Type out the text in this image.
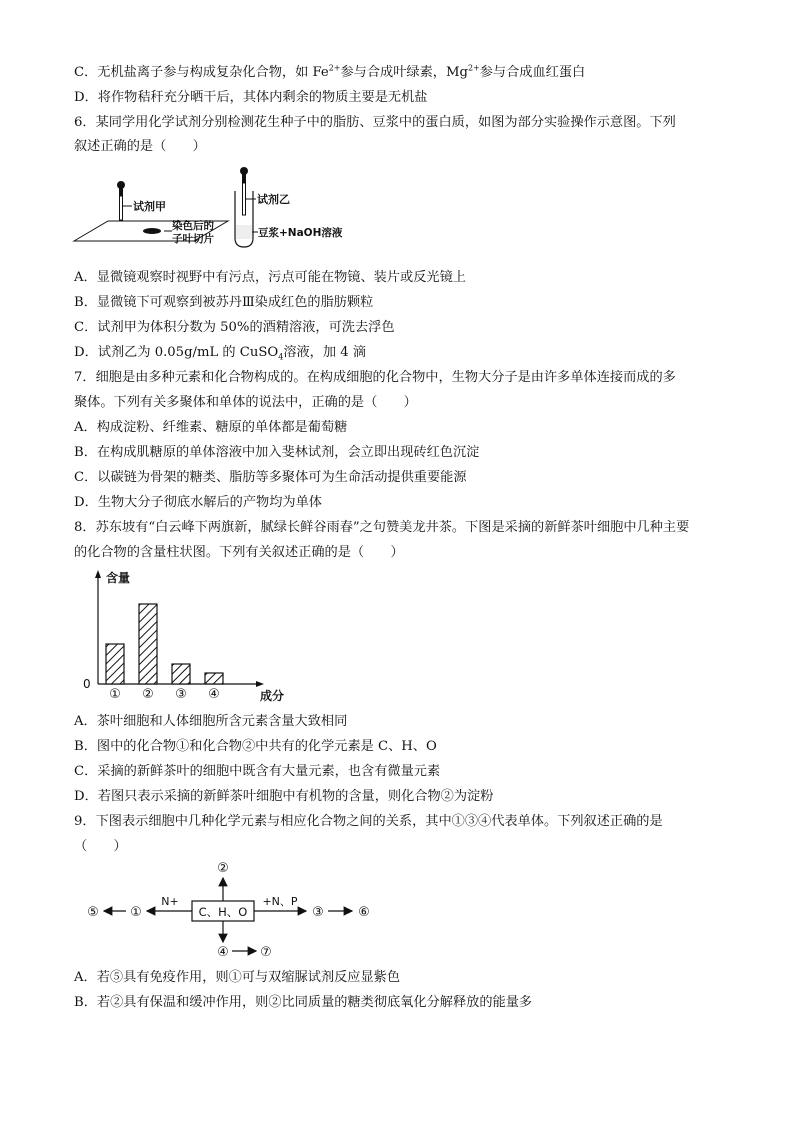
C．无机盐离子参与构成复杂化合物，如 $Fe^{2+}$参与合成叶绿素，$Mg^{2+}$参与合成血红蛋白
D．将作物秸秆充分晒干后，其体内剩余的物质主要是无机盐
6．某同学用化学试剂分别检测花生种子中的脂肪、豆浆中的蛋白质，如图为部分实验操作示意图。下列
叙述正确的是（　　）
试剂甲
染色后的
子叶切片
试剂乙
豆浆+NaOH溶液
A．显微镜观察时视野中有污点，污点可能在物镜、装片或反光镜上
B．显微镜下可观察到被苏丹Ⅲ染成红色的脂肪颗粒
C．试剂甲为体积分数为 50%的酒精溶液，可洗去浮色
D．试剂乙为 0.05g/mL 的 CuSO$_4$溶液，加 4 滴
7．细胞是由多种元素和化合物构成的。在构成细胞的化合物中，生物大分子是由许多单体连接而成的多
聚体。下列有关多聚体和单体的说法中，正确的是（　　）
A．构成淀粉、纤维素、糖原的单体都是葡萄糖
B．在构成肌糖原的单体溶液中加入斐林试剂，会立即出现砖红色沉淀
C．以碳链为骨架的糖类、脂肪等多聚体可为生命活动提供重要能源
D．生物大分子彻底水解后的产物均为单体
8．苏东坡有“白云峰下两旗新，腻绿长鲜谷雨春”之句赞美龙井茶。下图是采摘的新鲜茶叶细胞中几种主要
的化合物的含量柱状图。下列有关叙述正确的是（　　）
含量
0
成分
① ② ③ ④
A．茶叶细胞和人体细胞所含元素含量大致相同
B．图中的化合物①和化合物②中共有的化学元素是 C、H、O
C．采摘的新鲜茶叶的细胞中既含有大量元素，也含有微量元素
D．若图只表示采摘的新鲜茶叶细胞中有机物的含量，则化合物②为淀粉
9．下图表示细胞中几种化学元素与相应化合物之间的关系，其中①③④代表单体。下列叙述正确的是
（　　）
C、H、O
②
④ ⑦
N+
①
⑤
+N、P
③	⑥
A．若⑤具有免疫作用，则①可与双缩脲试剂反应显紫色
B．若②具有保温和缓冲作用，则②比同质量的糖类彻底氧化分解释放的能量多
